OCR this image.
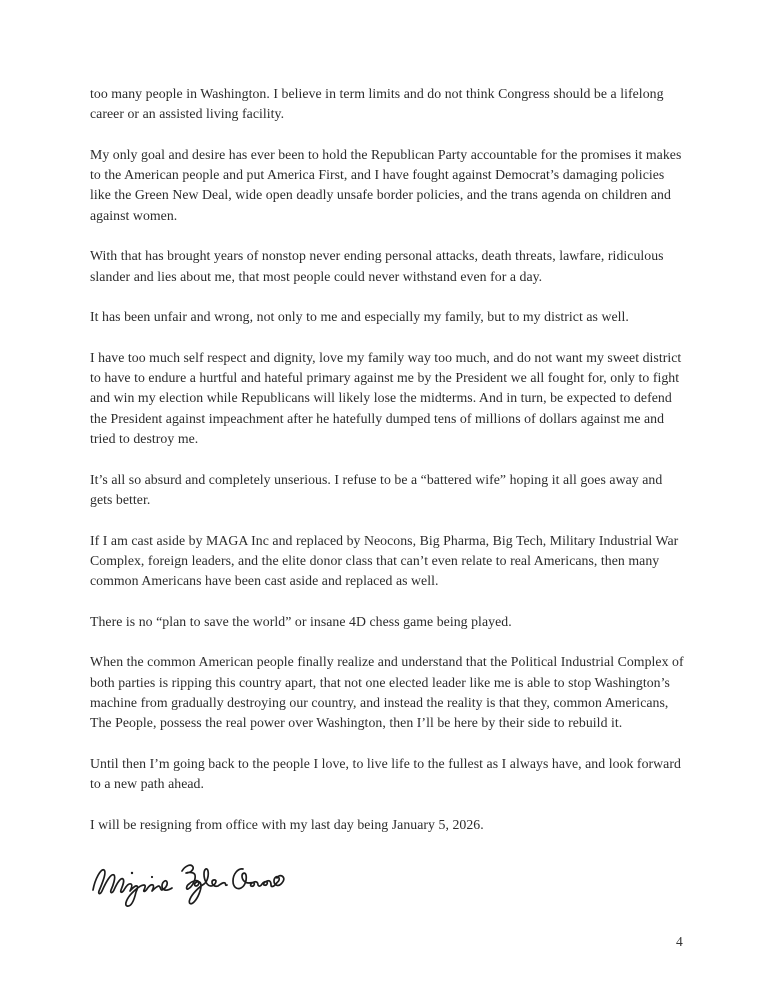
too many people in Washington. I believe in term limits and do not think Congress should be a lifelong career or an assisted living facility.

My only goal and desire has ever been to hold the Republican Party accountable for the promises it makes to the American people and put America First, and I have fought against Democrat’s damaging policies like the Green New Deal, wide open deadly unsafe border policies, and the trans agenda on children and against women.

With that has brought years of nonstop never ending personal attacks, death threats, lawfare, ridiculous slander and lies about me, that most people could never withstand even for a day.

It has been unfair and wrong, not only to me and especially my family, but to my district as well.

I have too much self respect and dignity, love my family way too much, and do not want my sweet district to have to endure a hurtful and hateful primary against me by the President we all fought for, only to fight and win my election while Republicans will likely lose the midterms. And in turn, be expected to defend the President against impeachment after he hatefully dumped tens of millions of dollars against me and tried to destroy me.

It’s all so absurd and completely unserious. I refuse to be a “battered wife” hoping it all goes away and gets better.

If I am cast aside by MAGA Inc and replaced by Neocons, Big Pharma, Big Tech, Military Industrial War Complex, foreign leaders, and the elite donor class that can’t even relate to real Americans, then many common Americans have been cast aside and replaced as well.

There is no “plan to save the world” or insane 4D chess game being played.

When the common American people finally realize and understand that the Political Industrial Complex of both parties is ripping this country apart, that not one elected leader like me is able to stop Washington’s machine from gradually destroying our country, and instead the reality is that they, common Americans, The People, possess the real power over Washington, then I’ll be here by their side to rebuild it.

Until then I’m going back to the people I love, to live life to the fullest as I always have, and look forward to a new path ahead.

I will be resigning from office with my last day being January 5, 2026.

4
